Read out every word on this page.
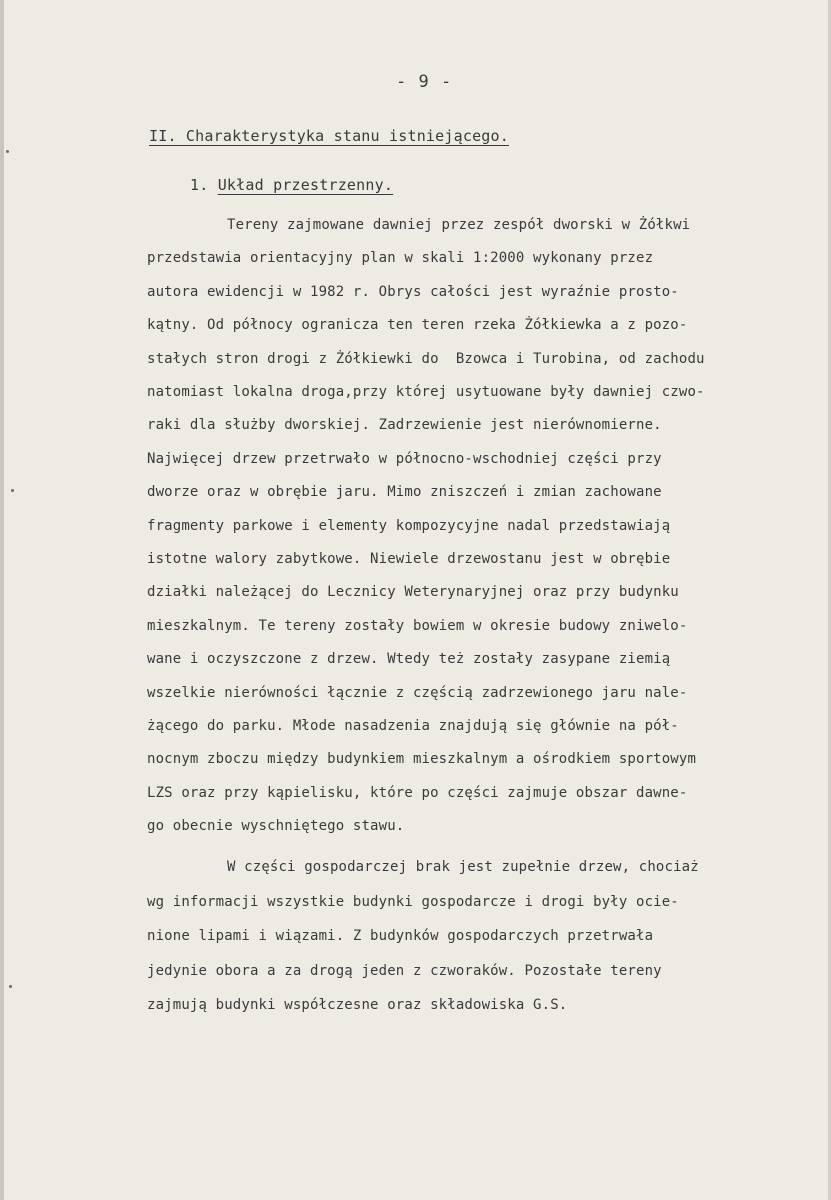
- 9 -
II. Charakterystyka stanu istniejącego.
1. Układ przestrzenny.
Tereny zajmowane dawniej przez zespół dworski w Żółkwi
przedstawia orientacyjny plan w skali 1:2000 wykonany przez
autora ewidencji w 1982 r. Obrys całości jest wyraźnie prosto-
kątny. Od północy ogranicza ten teren rzeka Żółkiewka a z pozo-
stałych stron drogi z Żółkiewki do  Bzowca i Turobina, od zachodu
natomiast lokalna droga,przy której usytuowane były dawniej czwo-
raki dla służby dworskiej. Zadrzewienie jest nierównomierne.
Najwięcej drzew przetrwało w północno-wschodniej części przy
dworze oraz w obrębie jaru. Mimo zniszczeń i zmian zachowane
fragmenty parkowe i elementy kompozycyjne nadal przedstawiają
istotne walory zabytkowe. Niewiele drzewostanu jest w obrębie
działki należącej do Lecznicy Weterynaryjnej oraz przy budynku
mieszkalnym. Te tereny zostały bowiem w okresie budowy zniwelo-
wane i oczyszczone z drzew. Wtedy też zostały zasypane ziemią
wszelkie nierówności łącznie z częścią zadrzewionego jaru nale-
żącego do parku. Młode nasadzenia znajdują się głównie na pół-
nocnym zboczu między budynkiem mieszkalnym a ośrodkiem sportowym
LZS oraz przy kąpielisku, które po części zajmuje obszar dawne-
go obecnie wyschniętego stawu.
W części gospodarczej brak jest zupełnie drzew, chociaż
wg informacji wszystkie budynki gospodarcze i drogi były ocie-
nione lipami i wiązami. Z budynków gospodarczych przetrwała
jedynie obora a za drogą jeden z czworaków. Pozostałe tereny
zajmują budynki współczesne oraz składowiska G.S.
